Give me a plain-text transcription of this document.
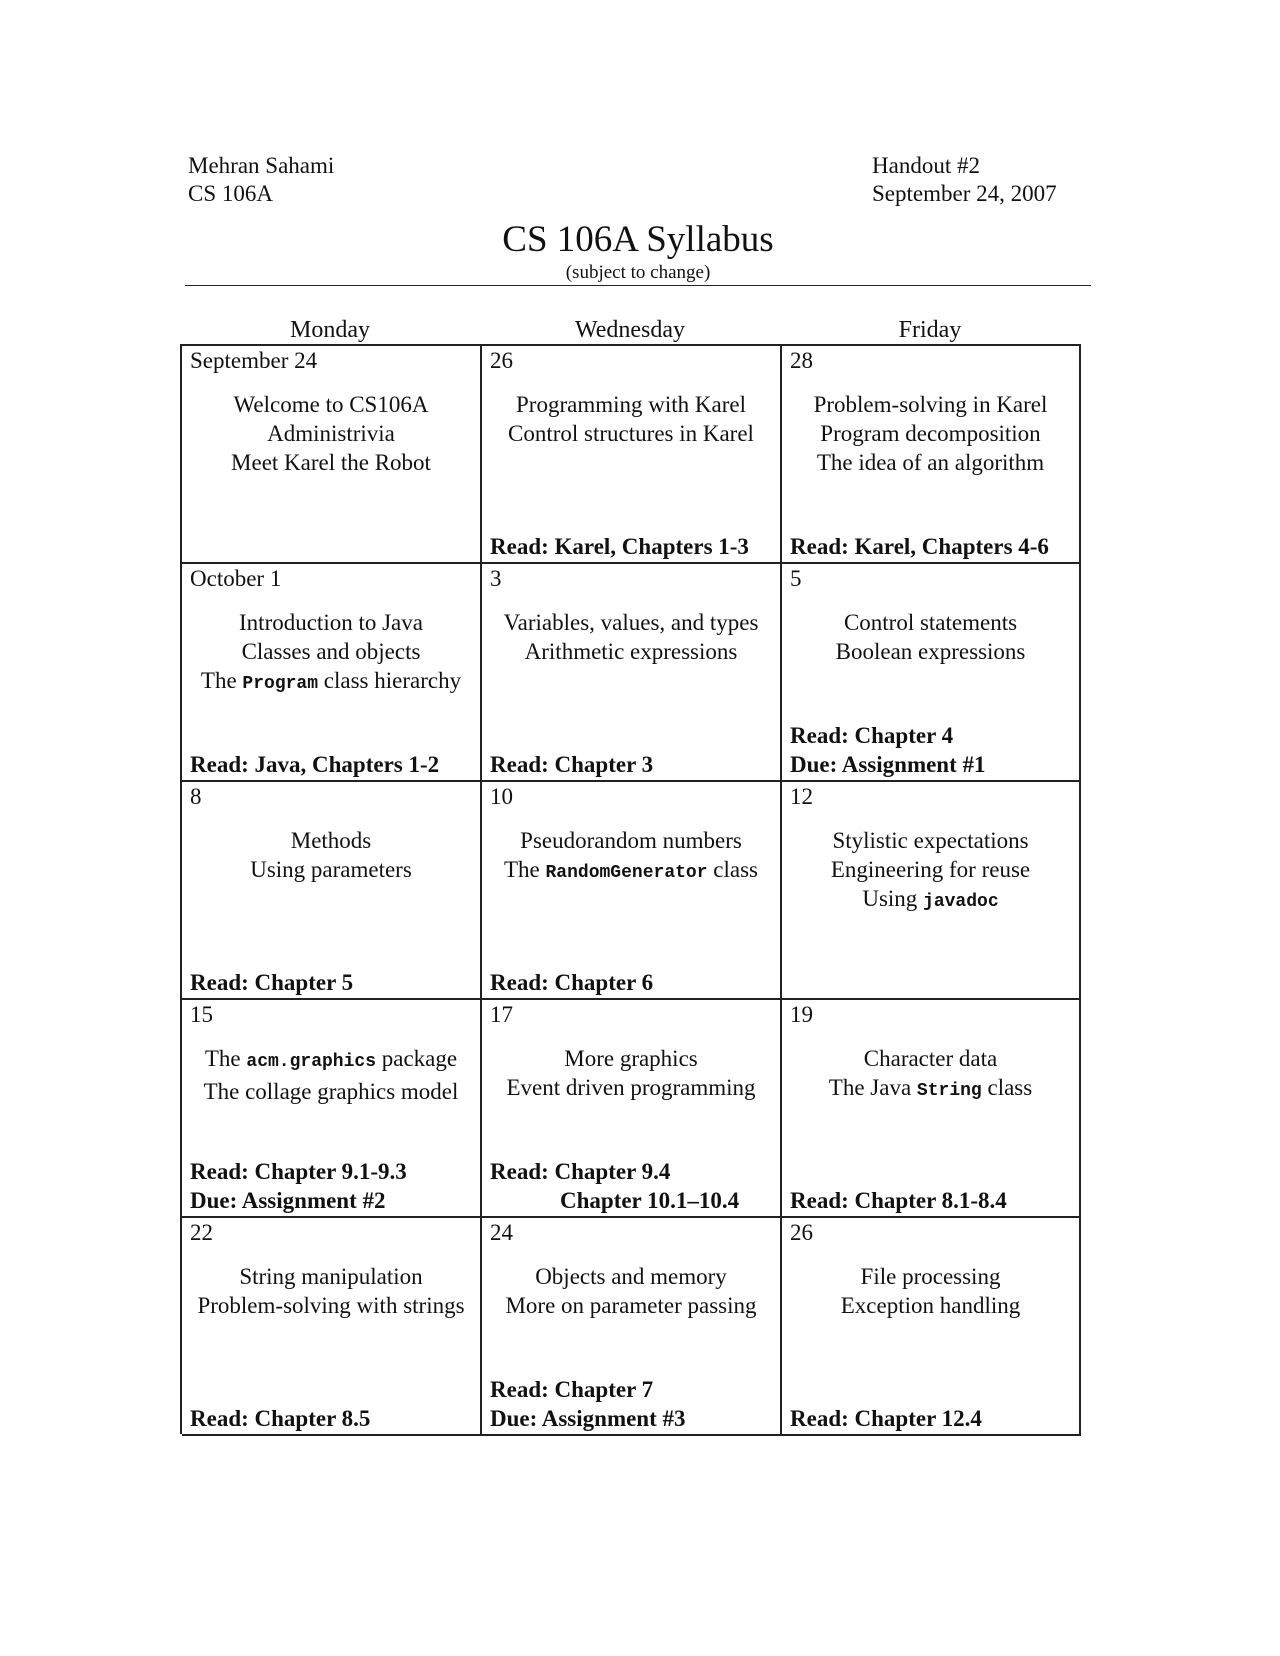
Mehran Sahami
CS 106A
Handout #2
September 24, 2007
CS 106A Syllabus
(subject to change)
Monday	Wednesday	Friday
September 24
Welcome to CS106A
Administrivia
Meet Karel the Robot
26
Programming with Karel
Control structures in Karel
Read: Karel, Chapters 1-3
28
Problem-solving in Karel
Program decomposition
The idea of an algorithm
Read: Karel, Chapters 4-6
October 1
Introduction to Java
Classes and objects
The Program class hierarchy
Read: Java, Chapters 1-2
3
Variables, values, and types
Arithmetic expressions
Read: Chapter 3
5
Control statements
Boolean expressions
Read: Chapter 4
Due: Assignment #1
8
Methods
Using parameters
Read: Chapter 5
10
Pseudorandom numbers
The RandomGenerator class
Read: Chapter 6
12
Stylistic expectations
Engineering for reuse
Using javadoc
15
The acm.graphics package
The collage graphics model
Read: Chapter 9.1-9.3
Due: Assignment #2
17
More graphics
Event driven programming
Read: Chapter 9.4
Chapter 10.1–10.4
19
Character data
The Java String class
Read: Chapter 8.1-8.4
22
String manipulation
Problem-solving with strings
Read: Chapter 8.5
24
Objects and memory
More on parameter passing
Read: Chapter 7
Due: Assignment #3
26
File processing
Exception handling
Read: Chapter 12.4
